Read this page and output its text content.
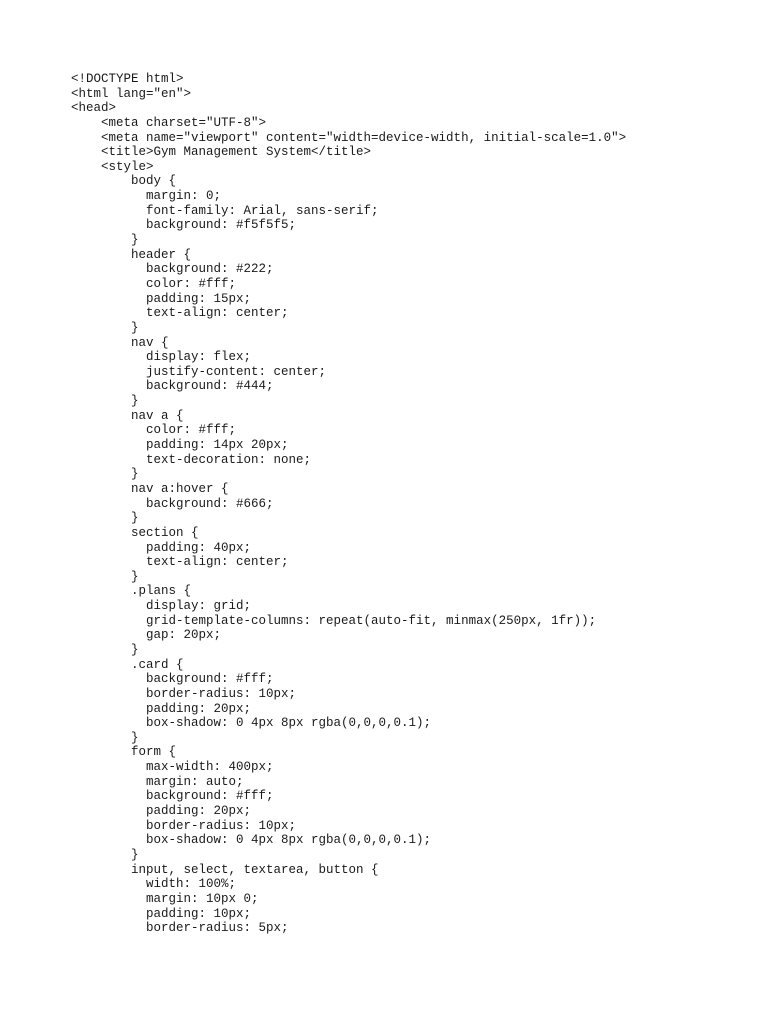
<!DOCTYPE html>
<html lang="en">
<head>
<meta charset="UTF-8">
<meta name="viewport" content="width=device-width, initial-scale=1.0">
<title>Gym Management System</title>
<style>
body {
margin: 0;
font-family: Arial, sans-serif;
background: #f5f5f5;
}
header {
background: #222;
color: #fff;
padding: 15px;
text-align: center;
}
nav {
display: flex;
justify-content: center;
background: #444;
}
nav a {
color: #fff;
padding: 14px 20px;
text-decoration: none;
}
nav a:hover {
background: #666;
}
section {
padding: 40px;
text-align: center;
}
.plans {
display: grid;
grid-template-columns: repeat(auto-fit, minmax(250px, 1fr));
gap: 20px;
}
.card {
background: #fff;
border-radius: 10px;
padding: 20px;
box-shadow: 0 4px 8px rgba(0,0,0,0.1);
}
form {
max-width: 400px;
margin: auto;
background: #fff;
padding: 20px;
border-radius: 10px;
box-shadow: 0 4px 8px rgba(0,0,0,0.1);
}
input, select, textarea, button {
width: 100%;
margin: 10px 0;
padding: 10px;
border-radius: 5px;
